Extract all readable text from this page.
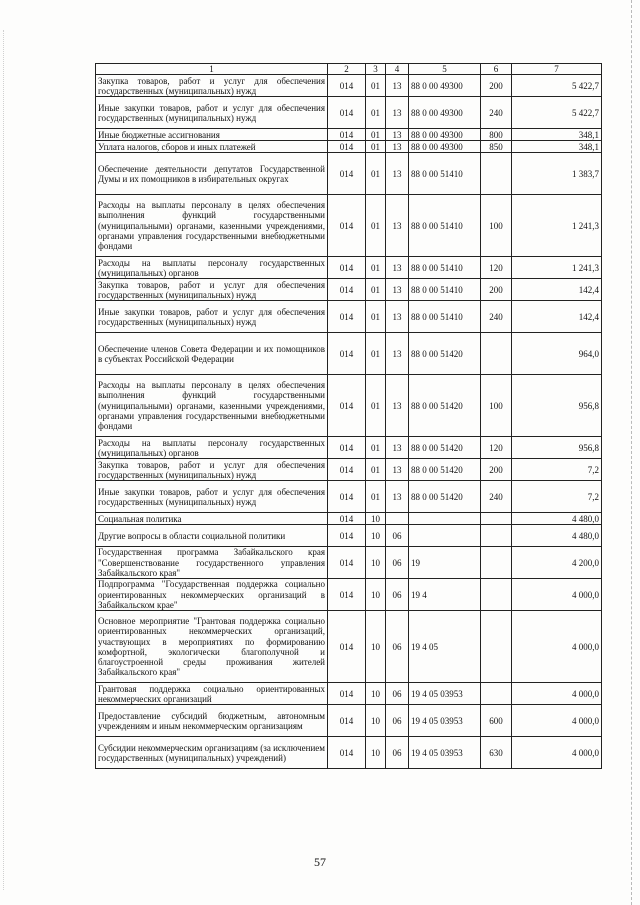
1	2	3	4	5	6	7
Закупка товаров, работ и услуг для обеспечения государственных (муниципальных) нужд	014	01	13	88 0 00 49300	200	5 422,7
Иные закупки товаров, работ и услуг для обеспечения государственных (муниципальных) нужд	014	01	13	88 0 00 49300	240	5 422,7
Иные бюджетные ассигнования	014	01	13	88 0 00 49300	800	348,1
Уплата налогов, сборов и иных платежей	014	01	13	88 0 00 49300	850	348,1
Обеспечение деятельности депутатов Государственной Думы и их помощников в избирательных округах	014	01	13	88 0 00 51410		1 383,7
Расходы на выплаты персоналу в целях обеспечения выполнения функций государственными (муниципальными) органами, казенными учреждениями, органами управления государственными внебюджетными фондами	014	01	13	88 0 00 51410	100	1 241,3
Расходы на выплаты персоналу государственных (муниципальных) органов	014	01	13	88 0 00 51410	120	1 241,3
Закупка товаров, работ и услуг для обеспечения государственных (муниципальных) нужд	014	01	13	88 0 00 51410	200	142,4
Иные закупки товаров, работ и услуг для обеспечения государственных (муниципальных) нужд	014	01	13	88 0 00 51410	240	142,4
Обеспечение членов Совета Федерации и их помощников в субъектах Российской Федерации	014	01	13	88 0 00 51420		964,0
Расходы на выплаты персоналу в целях обеспечения выполнения функций государственными (муниципальными) органами, казенными учреждениями, органами управления государственными внебюджетными фондами	014	01	13	88 0 00 51420	100	956,8
Расходы на выплаты персоналу государственных (муниципальных) органов	014	01	13	88 0 00 51420	120	956,8
Закупка товаров, работ и услуг для обеспечения государственных (муниципальных) нужд	014	01	13	88 0 00 51420	200	7,2
Иные закупки товаров, работ и услуг для обеспечения государственных (муниципальных) нужд	014	01	13	88 0 00 51420	240	7,2
Социальная политика	014	10				4 480,0
Другие вопросы в области социальной политики	014	10	06			4 480,0
Государственная программа Забайкальского края "Совершенствование государственного управления Забайкальского края"	014	10	06	19		4 200,0
Подпрограмма "Государственная поддержка социально ориентированных некоммерческих организаций в Забайкальском крае"	014	10	06	19 4		4 000,0
Основное мероприятие "Грантовая поддержка социально ориентированных некоммерческих организаций, участвующих в мероприятиях по формированию комфортной, экологически благополучной и благоустроенной среды проживания жителей Забайкальского края"	014	10	06	19 4 05		4 000,0
Грантовая поддержка социально ориентированных некоммерческих организаций	014	10	06	19 4 05 03953		4 000,0
Предоставление субсидий бюджетным, автономным учреждениям и иным некоммерческим организациям	014	10	06	19 4 05 03953	600	4 000,0
Субсидии некоммерческим организациям (за исключением государственных (муниципальных) учреждений)	014	10	06	19 4 05 03953	630	4 000,0
57
